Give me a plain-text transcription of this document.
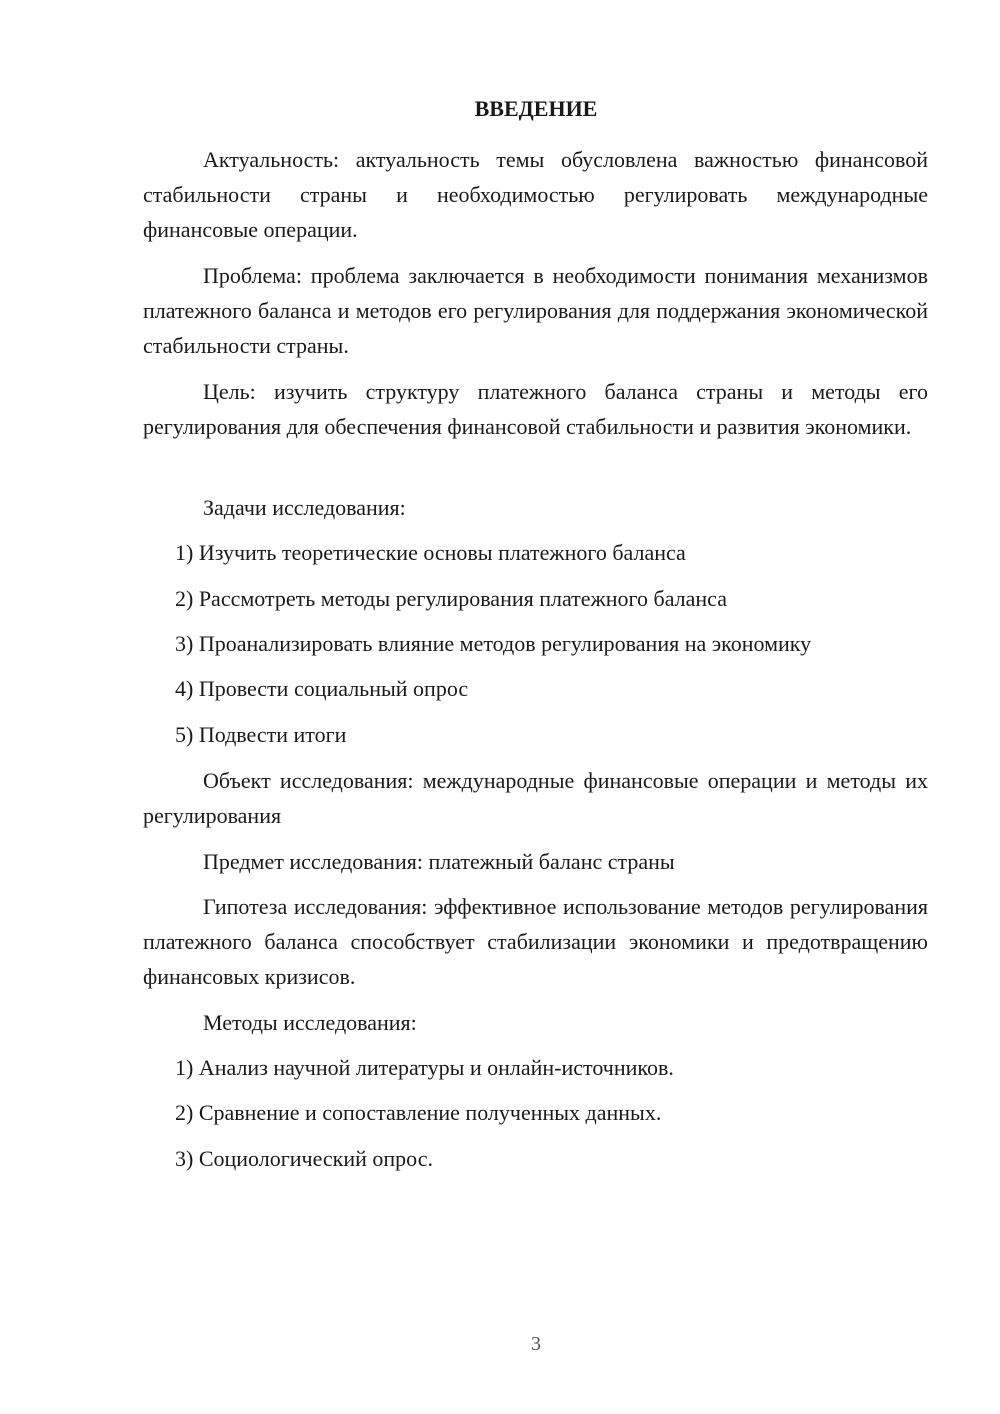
ВВЕДЕНИЕ

Актуальность: актуальность темы обусловлена важностью финансовой стабильности страны и необходимостью регулировать международные финансовые операции.

Проблема: проблема заключается в необходимости понимания механизмов платежного баланса и методов его регулирования для поддержания экономической стабильности страны.

Цель: изучить структуру платежного баланса страны и методы его регулирования для обеспечения финансовой стабильности и развития экономики.

Задачи исследования:

1) Изучить теоретические основы платежного баланса

2) Рассмотреть методы регулирования платежного баланса

3) Проанализировать влияние методов регулирования на экономику

4) Провести социальный опрос

5) Подвести итоги

Объект исследования: международные финансовые операции и методы их регулирования

Предмет исследования: платежный баланс страны

Гипотеза исследования: эффективное использование методов регулирования платежного баланса способствует стабилизации экономики и предотвращению финансовых кризисов.

Методы исследования:

1) Анализ научной литературы и онлайн-источников.

2) Сравнение и сопоставление полученных данных.

3) Социологический опрос.

3
